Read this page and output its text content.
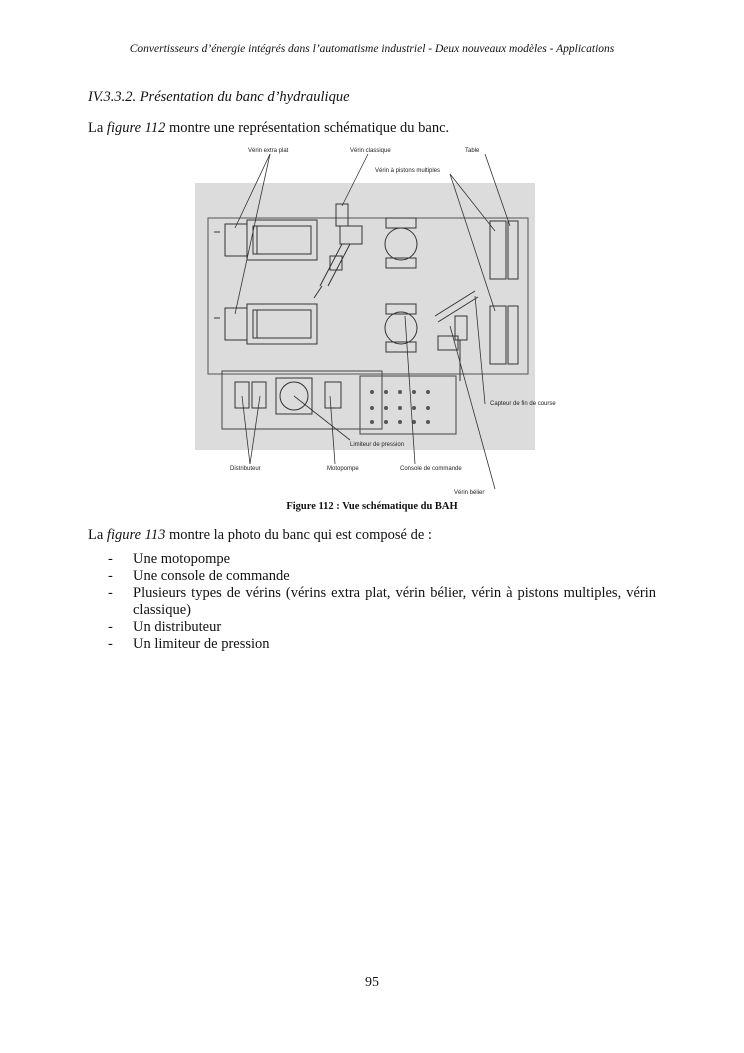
Convertisseurs d’énergie intégrés dans l’automatisme industriel - Deux nouveaux modèles - Applications
IV.3.3.2. Présentation du banc d’hydraulique
La figure 112 montre une représentation schématique du banc.
Vérin extra plat	Vérin classique	Table
Vérin à pistons multiples
Capteur de fin de course
Limiteur de pression
Distributeur	Motopompe	Console de commande
Vérin bélier
Figure 112 : Vue schématique du BAH
La figure 113 montre la photo du banc qui est composé de :
- Une motopompe
- Une console de commande
- Plusieurs types de vérins (vérins extra plat, vérin bélier, vérin à pistons multiples, vérin classique)
- Un distributeur
- Un limiteur de pression
95
